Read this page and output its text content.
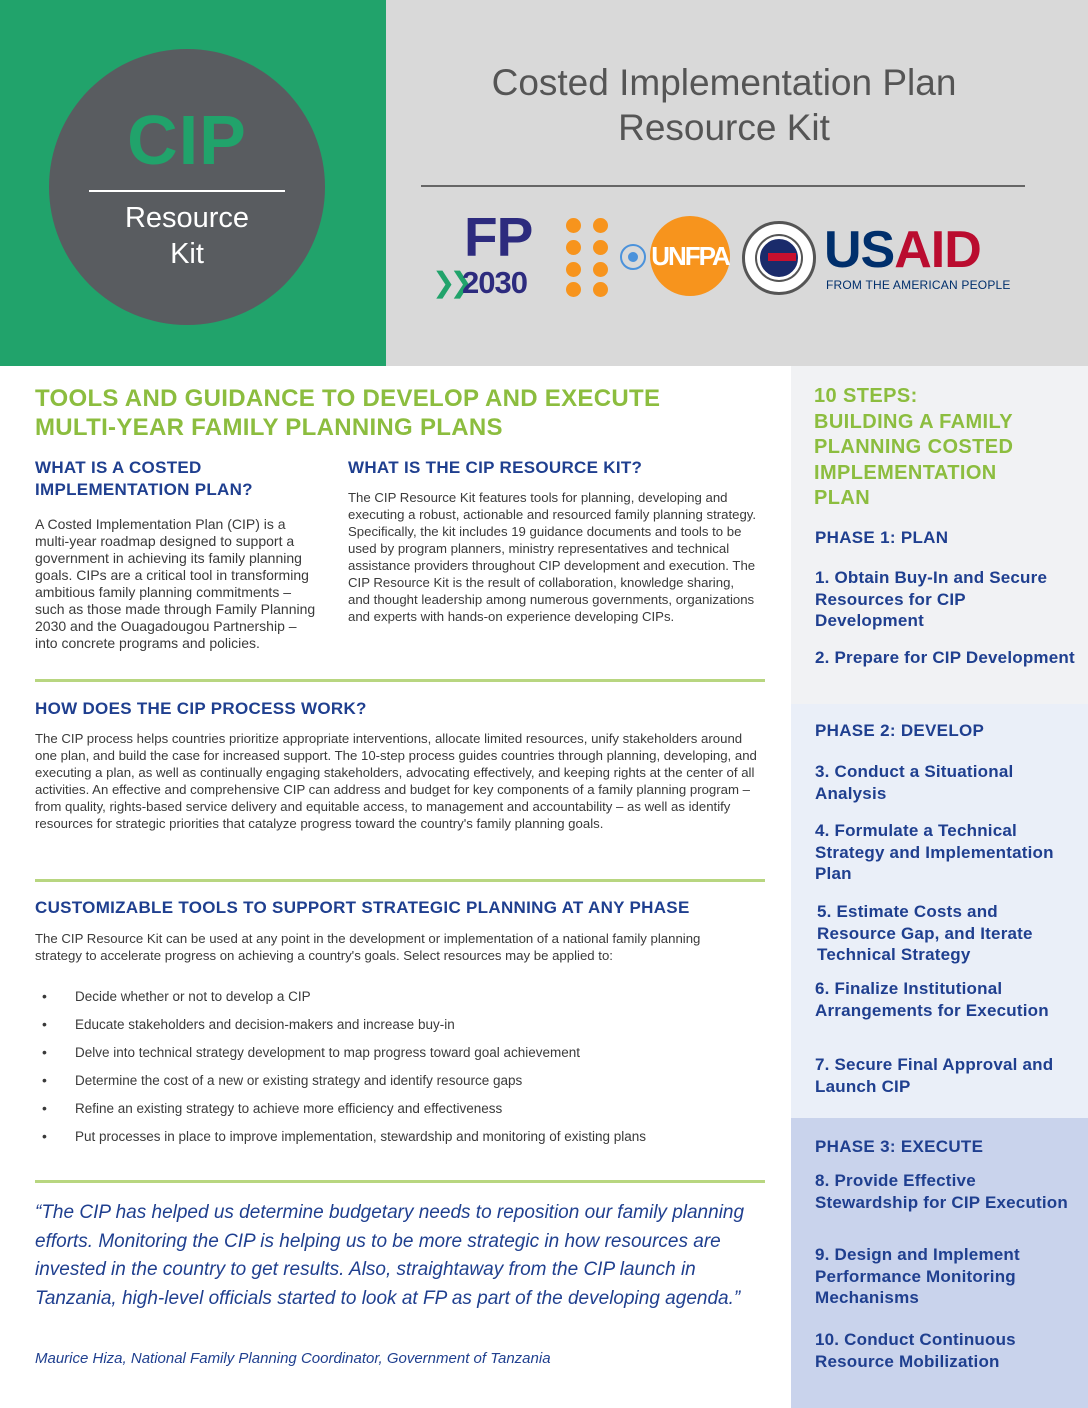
CIP
Resource
Kit
Costed Implementation Plan
Resource Kit
FP
❯❯
2030
UNFPA USAID
FROM THE AMERICAN PEOPLE
TOOLS AND GUIDANCE TO DEVELOP AND EXECUTE
MULTI-YEAR FAMILY PLANNING PLANS
WHAT IS A COSTED IMPLEMENTATION PLAN?
A Costed Implementation Plan (CIP) is a multi-year roadmap designed to support a government in achieving its family planning goals. CIPs are a critical tool in transforming ambitious family planning commitments – such as those made through Family Planning 2030 and the Ouagadougou Partnership – into concrete programs and policies.
WHAT IS THE CIP RESOURCE KIT?
The CIP Resource Kit features tools for planning, developing and executing a robust, actionable and resourced family planning strategy. Specifically, the kit includes 19 guidance documents and tools to be used by program planners, ministry representatives and technical assistance providers throughout CIP development and execution. The CIP Resource Kit is the result of collaboration, knowledge sharing, and thought leadership among numerous governments, organizations and experts with hands-on experience developing CIPs.
HOW DOES THE CIP PROCESS WORK?
The CIP process helps countries prioritize appropriate interventions, allocate limited resources, unify stakeholders around one plan, and build the case for increased support. The 10-step process guides countries through planning, developing, and executing a plan, as well as continually engaging stakeholders, advocating effectively, and keeping rights at the center of all activities. An effective and comprehensive CIP can address and budget for key components of a family planning program – from quality, rights-based service delivery and equitable access, to management and accountability – as well as identify resources for strategic priorities that catalyze progress toward the country's family planning goals.
CUSTOMIZABLE TOOLS TO SUPPORT STRATEGIC PLANNING AT ANY PHASE
The CIP Resource Kit can be used at any point in the development or implementation of a national family planning strategy to accelerate progress on achieving a country's goals. Select resources may be applied to:
• Decide whether or not to develop a CIP
• Educate stakeholders and decision-makers and increase buy-in
• Delve into technical strategy development to map progress toward goal achievement
• Determine the cost of a new or existing strategy and identify resource gaps
• Refine an existing strategy to achieve more efficiency and effectiveness
• Put processes in place to improve implementation, stewardship and monitoring of existing plans
“The CIP has helped us determine budgetary needs to reposition our family planning efforts. Monitoring the CIP is helping us to be more strategic in how resources are invested in the country to get results. Also, straightaway from the CIP launch in Tanzania, high-level officials started to look at FP as part of the developing agenda.”
Maurice Hiza, National Family Planning Coordinator, Government of Tanzania
10 STEPS:
BUILDING A FAMILY
PLANNING COSTED
IMPLEMENTATION
PLAN
PHASE 1: PLAN
1. Obtain Buy-In and Secure Resources for CIP Development
2. Prepare for CIP Development
PHASE 2: DEVELOP
3. Conduct a Situational Analysis
4. Formulate a Technical Strategy and Implementation Plan
5. Estimate Costs and Resource Gap, and Iterate Technical Strategy
6. Finalize Institutional Arrangements for Execution
7. Secure Final Approval and Launch CIP
PHASE 3: EXECUTE
8. Provide Effective Stewardship for CIP Execution
9. Design and Implement Performance Monitoring Mechanisms
10. Conduct Continuous Resource Mobilization
